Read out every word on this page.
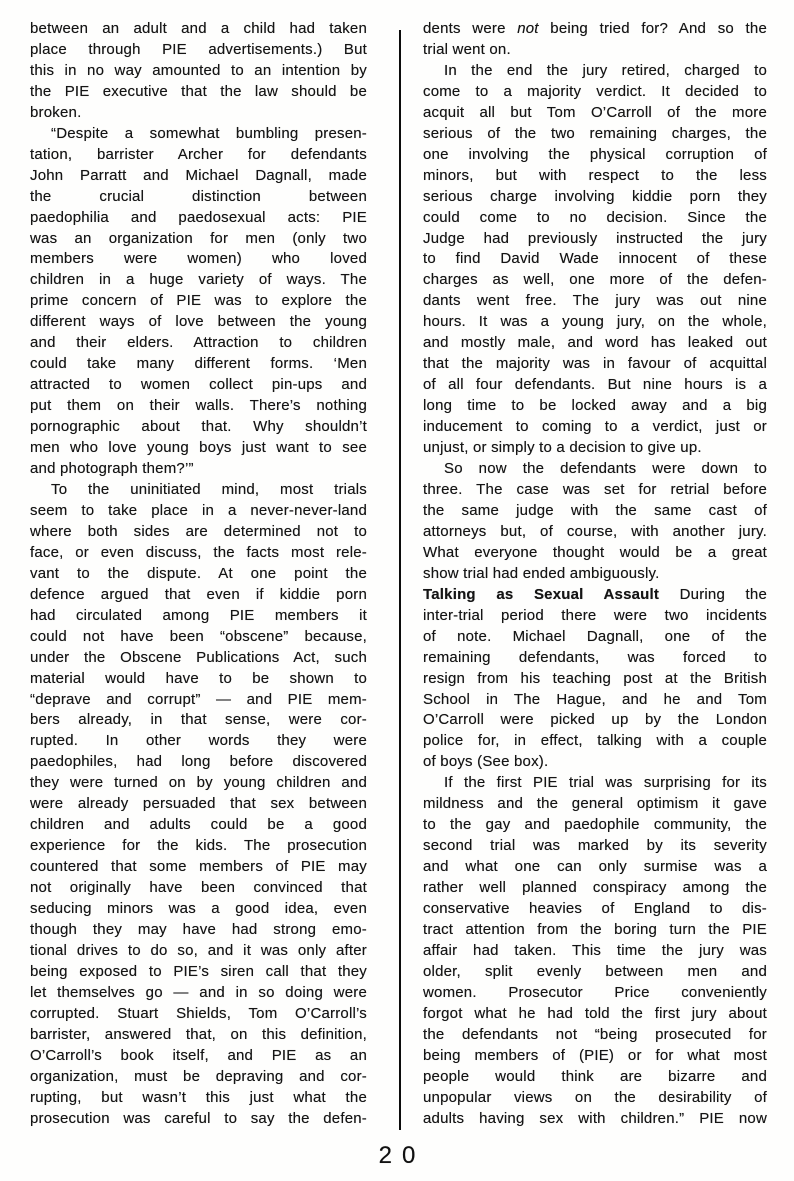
between an adult and a child had taken
place through PIE advertisements.) But
this in no way amounted to an intention by
the PIE executive that the law should be
broken.
“Despite a somewhat bumbling presen-
tation, barrister Archer for defendants
John Parratt and Michael Dagnall, made
the crucial distinction between
paedophilia and paedosexual acts: PIE
was an organization for men (only two
members were women) who loved
children in a huge variety of ways. The
prime concern of PIE was to explore the
different ways of love between the young
and their elders. Attraction to children
could take many different forms. ‘Men
attracted to women collect pin-ups and
put them on their walls. There’s nothing
pornographic about that. Why shouldn’t
men who love young boys just want to see
and photograph them?’”
To the uninitiated mind, most trials
seem to take place in a never-never-land
where both sides are determined not to
face, or even discuss, the facts most rele-
vant to the dispute. At one point the
defence argued that even if kiddie porn
had circulated among PIE members it
could not have been “obscene” because,
under the Obscene Publications Act, such
material would have to be shown to
“deprave and corrupt” — and PIE mem-
bers already, in that sense, were cor-
rupted. In other words they were
paedophiles, had long before discovered
they were turned on by young children and
were already persuaded that sex between
children and adults could be a good
experience for the kids. The prosecution
countered that some members of PIE may
not originally have been convinced that
seducing minors was a good idea, even
though they may have had strong emo-
tional drives to do so, and it was only after
being exposed to PIE’s siren call that they
let themselves go — and in so doing were
corrupted. Stuart Shields, Tom O’Carroll’s
barrister, answered that, on this definition,
O’Carroll’s book itself, and PIE as an
organization, must be depraving and cor-
rupting, but wasn’t this just what the
prosecution was careful to say the defen-
dents were not being tried for? And so the
trial went on.
In the end the jury retired, charged to
come to a majority verdict. It decided to
acquit all but Tom O’Carroll of the more
serious of the two remaining charges, the
one involving the physical corruption of
minors, but with respect to the less
serious charge involving kiddie porn they
could come to no decision. Since the
Judge had previously instructed the jury
to find David Wade innocent of these
charges as well, one more of the defen-
dants went free. The jury was out nine
hours. It was a young jury, on the whole,
and mostly male, and word has leaked out
that the majority was in favour of acquittal
of all four defendants. But nine hours is a
long time to be locked away and a big
inducement to coming to a verdict, just or
unjust, or simply to a decision to give up.
So now the defendants were down to
three. The case was set for retrial before
the same judge with the same cast of
attorneys but, of course, with another jury.
What everyone thought would be a great
show trial had ended ambiguously.
Talking as Sexual Assault During the
inter-trial period there were two incidents
of note. Michael Dagnall, one of the
remaining defendants, was forced to
resign from his teaching post at the British
School in The Hague, and he and Tom
O’Carroll were picked up by the London
police for, in effect, talking with a couple
of boys (See box).
If the first PIE trial was surprising for its
mildness and the general optimism it gave
to the gay and paedophile community, the
second trial was marked by its severity
and what one can only surmise was a
rather well planned conspiracy among the
conservative heavies of England to dis-
tract attention from the boring turn the PIE
affair had taken. This time the jury was
older, split evenly between men and
women. Prosecutor Price conveniently
forgot what he had told the first jury about
the defendants not “being prosecuted for
being members of (PIE) or for what most
people would think are bizarre and
unpopular views on the desirability of
adults having sex with children.” PIE now
20
